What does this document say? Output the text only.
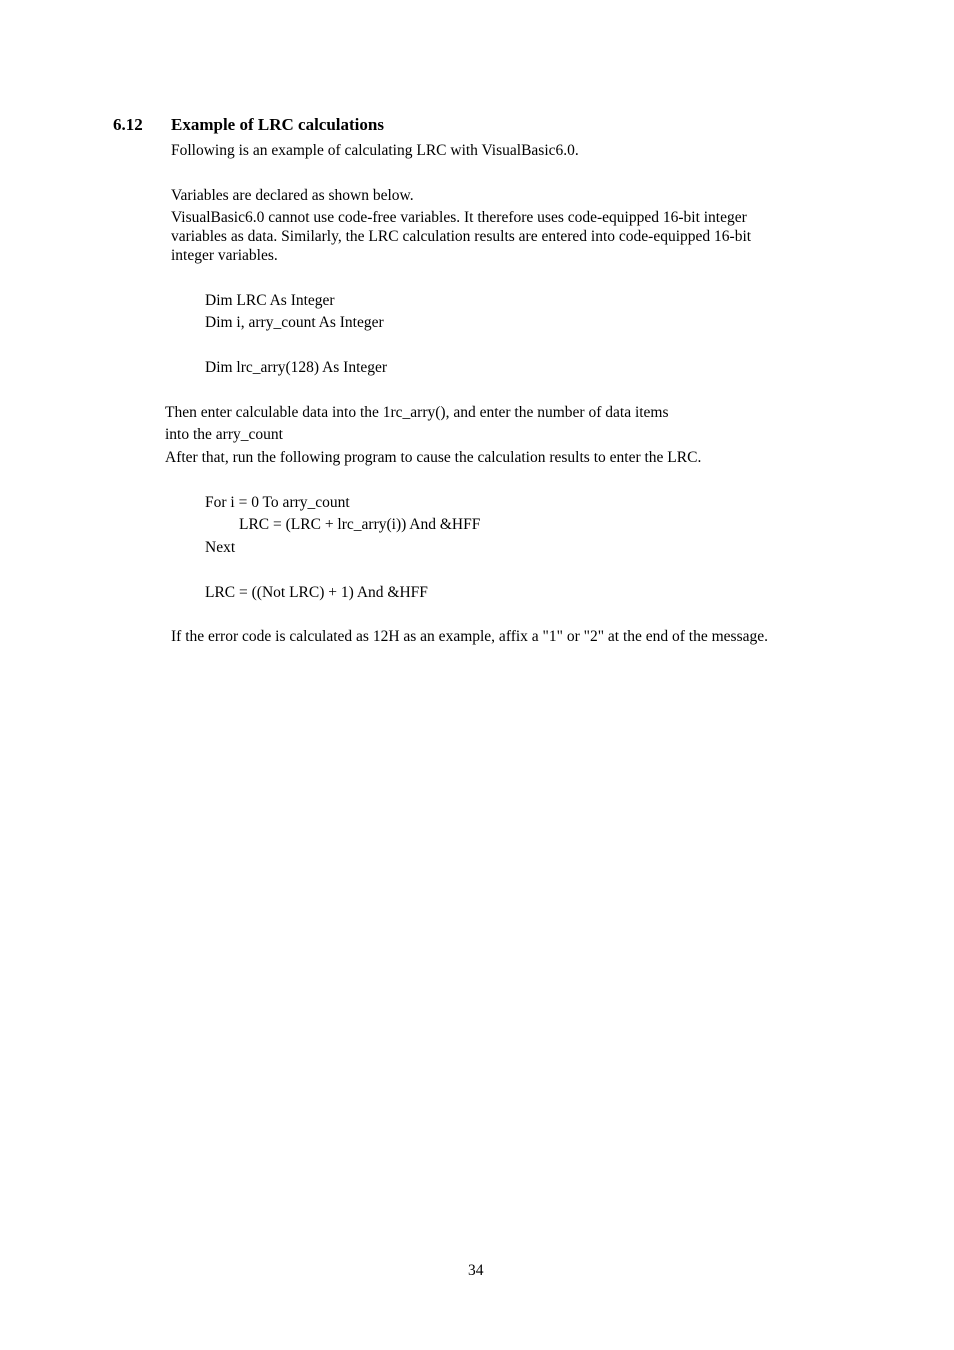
6.12 Example of LRC calculations
Following is an example of calculating LRC with VisualBasic6.0.
Variables are declared as shown below.
VisualBasic6.0 cannot use code-free variables. It therefore uses code-equipped 16-bit integer
variables as data. Similarly, the LRC calculation results are entered into code-equipped 16-bit
integer variables.
Dim LRC As Integer
Dim i, arry_count As Integer
Dim lrc_arry(128) As Integer
Then enter calculable data into the 1rc_arry(), and enter the number of data items
into the arry_count
After that, run the following program to cause the calculation results to enter the LRC.
For i = 0 To arry_count
LRC = (LRC + lrc_arry(i)) And &HFF
Next
LRC = ((Not LRC) + 1) And &HFF
If the error code is calculated as 12H as an example, affix a "1" or "2" at the end of the message.
34
